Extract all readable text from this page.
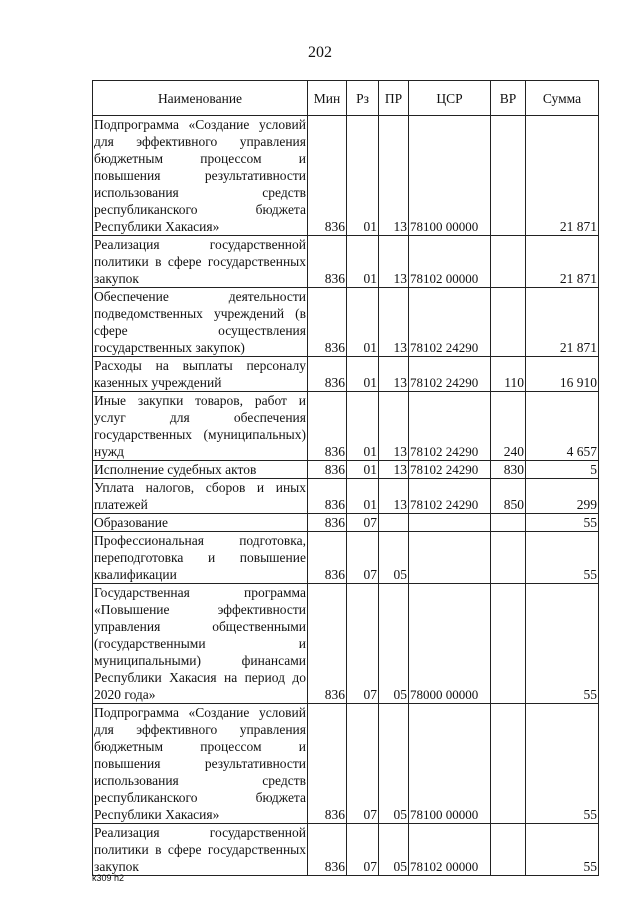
202
Наименование	Мин	Рз	ПР	ЦСР	ВР	Сумма
Подпрограмма «Создание условий для эффективного управления бюджетным процессом и повышения результативности использования средств республиканского бюджета Республики Хакасия»	836	01	13	78100 00000		21 871
Реализация государственной политики в сфере государственных закупок	836	01	13	78102 00000		21 871
Обеспечение деятельности подведомственных учреждений (в сфере осуществления государственных закупок)	836	01	13	78102 24290		21 871
Расходы на выплаты персоналу казенных учреждений	836	01	13	78102 24290	110	16 910
Иные закупки товаров, работ и услуг для обеспечения государственных (муниципальных) нужд	836	01	13	78102 24290	240	4 657
Исполнение судебных актов	836	01	13	78102 24290	830	5
Уплата налогов, сборов и иных платежей	836	01	13	78102 24290	850	299
Образование	836	07				55
Профессиональная подготовка, переподготовка и повышение квалификации	836	07	05			55
Государственная программа «Повышение эффективности управления общественными (государственными и муниципальными) финансами Республики Хакасия на период до 2020 года»	836	07	05	78000 00000		55
Подпрограмма «Создание условий для эффективного управления бюджетным процессом и повышения результативности использования средств республиканского бюджета Республики Хакасия»	836	07	05	78100 00000		55
Реализация государственной политики в сфере государственных закупок	836	07	05	78102 00000		55
k309 h2
